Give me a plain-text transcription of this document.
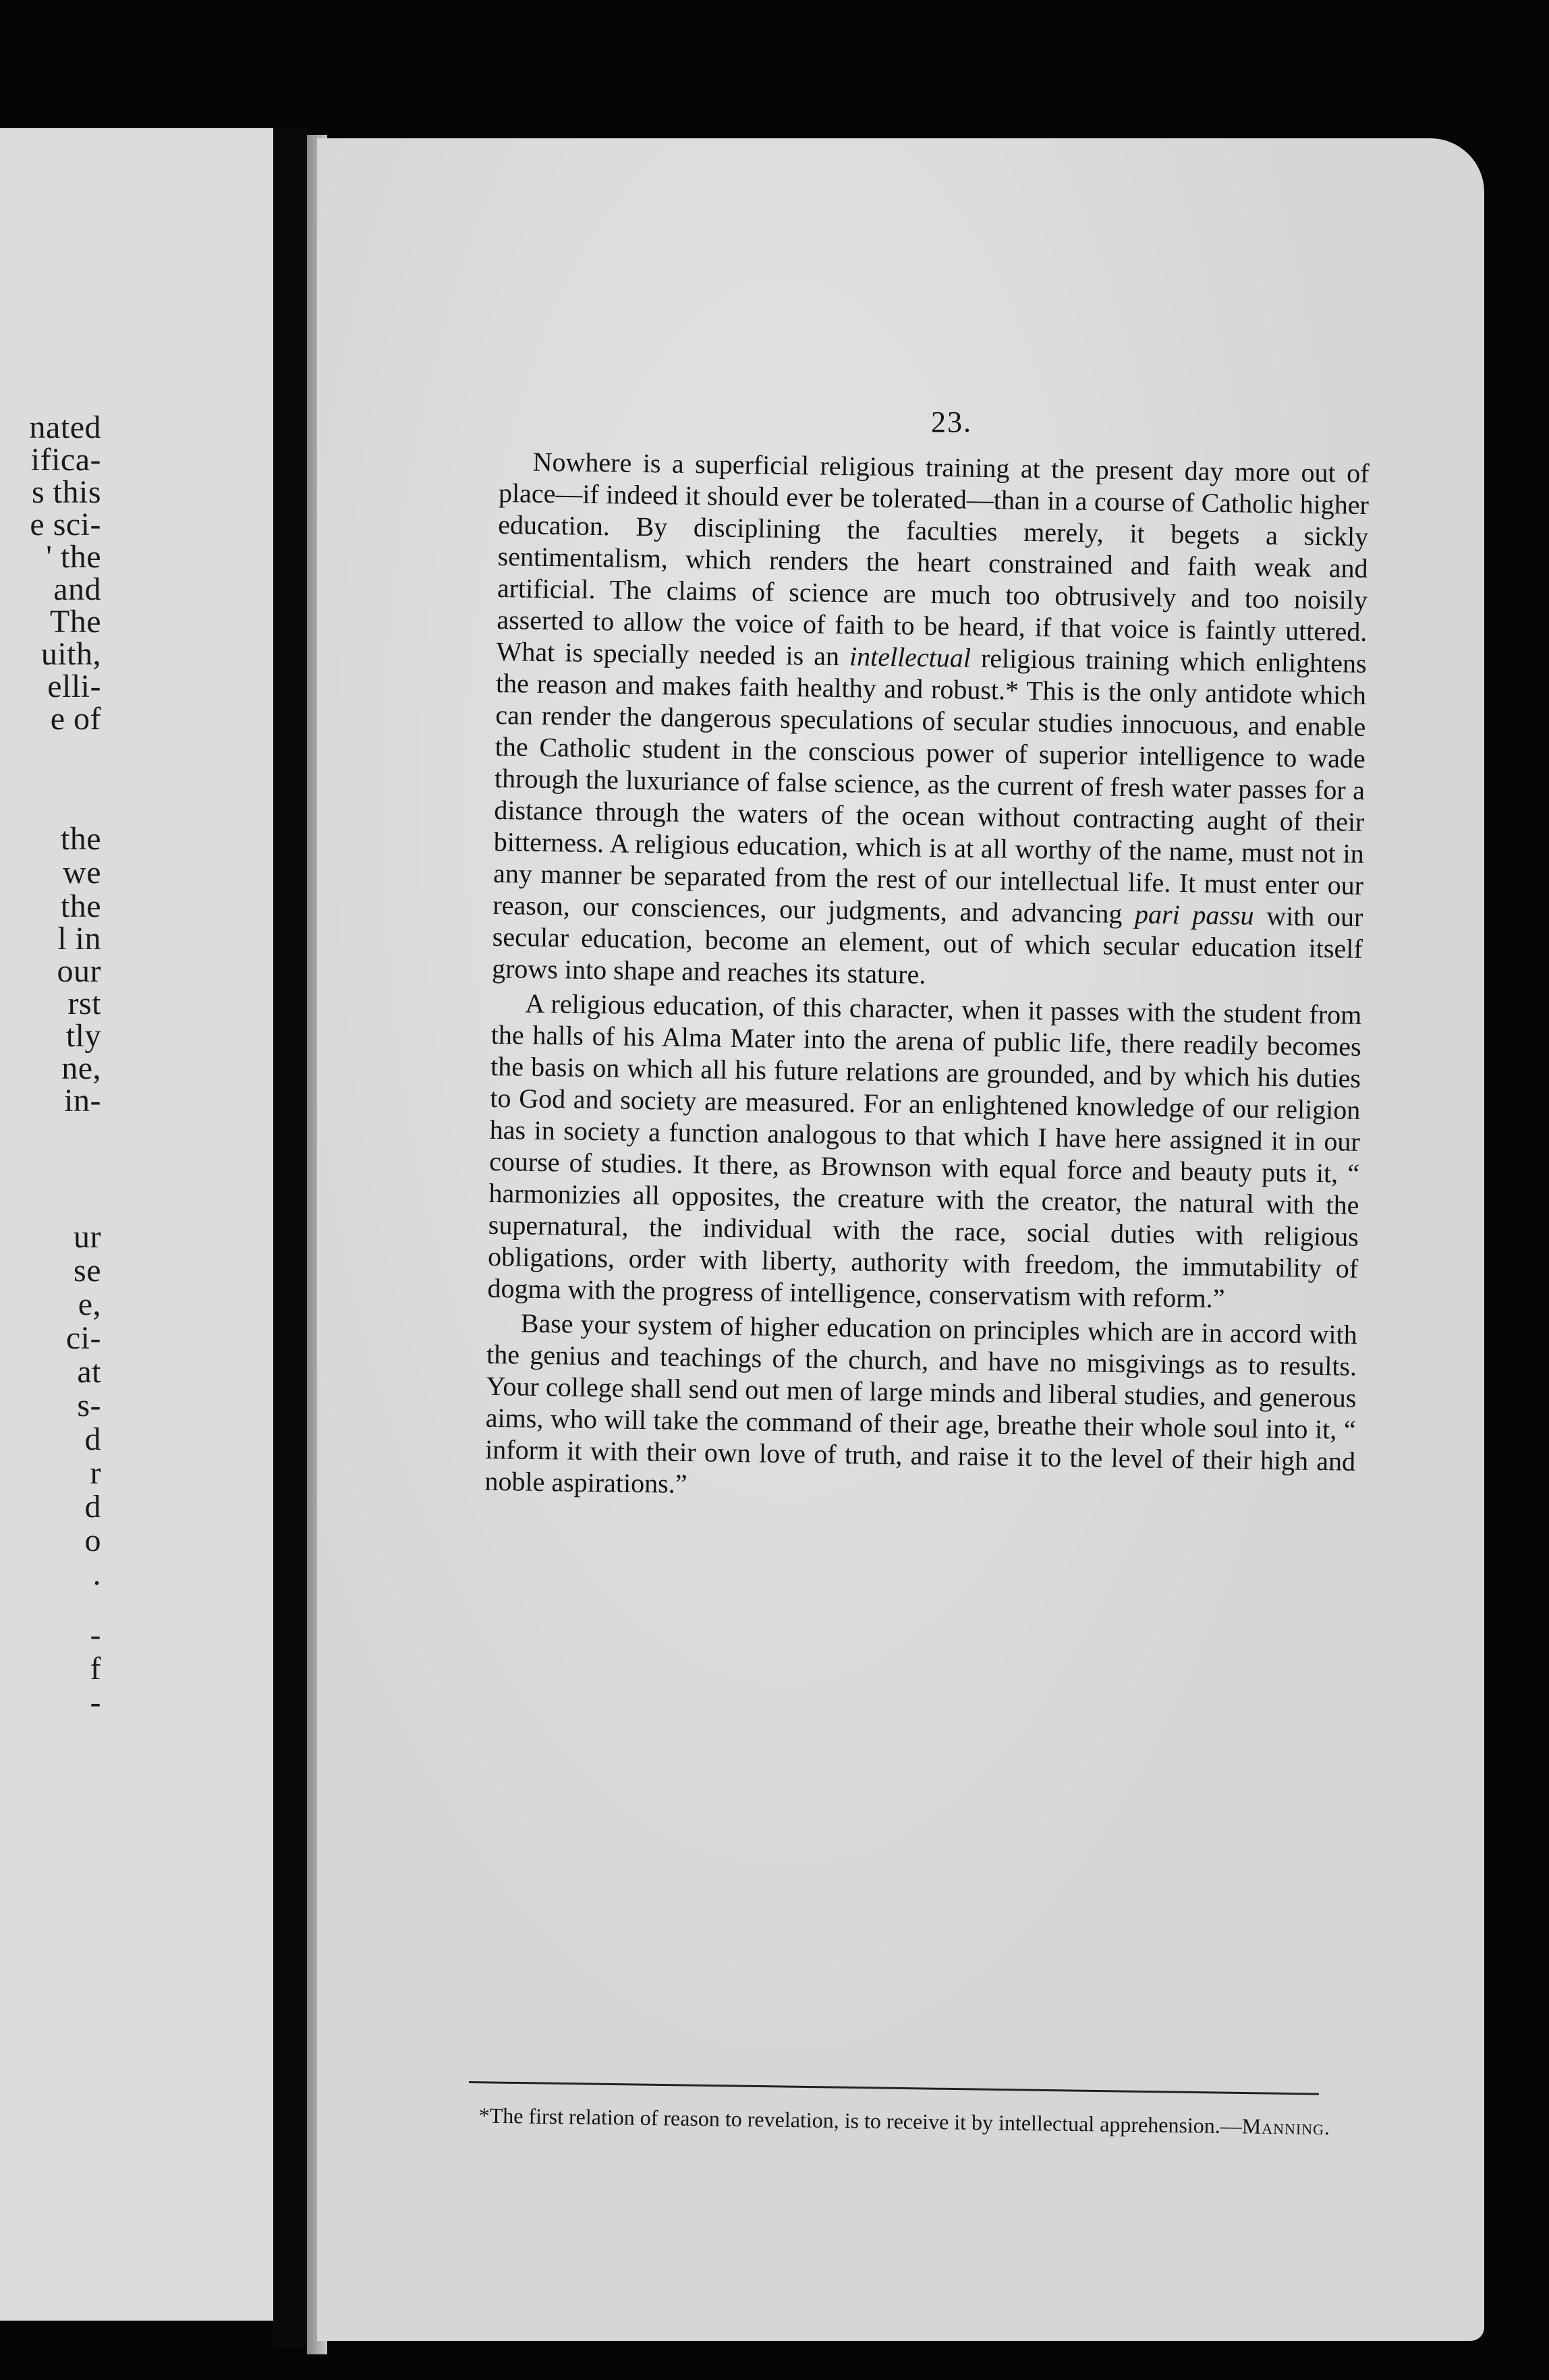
nated
ifica-
s this
e sci-
' the
and
The
uith,
elli-
e of
the
we
the
l in
our
rst
tly
ne,
in-
ur
se
e,
ci-
at
s-
d
r
d
o
.
-
f
-
23.

Nowhere is a superficial religious training at the present day more out of place—if indeed it should ever be tolerated—than in a course of Catholic higher education. By disciplining the faculties merely, it begets a sickly sentimentalism, which renders the heart constrained and faith weak and artificial. The claims of science are much too obtrusively and too noisily asserted to allow the voice of faith to be heard, if that voice is faintly uttered. What is specially needed is an intellectual religious training which enlightens the reason and makes faith healthy and robust.* This is the only antidote which can render the dangerous speculations of secular studies innocuous, and enable the Catholic student in the conscious power of superior intelligence to wade through the luxuriance of false science, as the current of fresh water passes for a distance through the waters of the ocean without contracting aught of their bitterness. A religious education, which is at all worthy of the name, must not in any manner be separated from the rest of our intellectual life. It must enter our reason, our consciences, our judgments, and advancing pari passu with our secular education, become an element, out of which secular education itself grows into shape and reaches its stature.

A religious education, of this character, when it passes with the student from the halls of his Alma Mater into the arena of public life, there readily becomes the basis on which all his future relations are grounded, and by which his duties to God and society are measured. For an enlightened knowledge of our religion has in society a function analogous to that which I have here assigned it in our course of studies. It there, as Brownson with equal force and beauty puts it, “ harmonizies all opposites, the creature with the creator, the natural with the supernatural, the individual with the race, social duties with religious obligations, order with liberty, authority with freedom, the immutability of dogma with the progress of intelligence, conservatism with reform.”

Base your system of higher education on principles which are in accord with the genius and teachings of the church, and have no misgivings as to results. Your college shall send out men of large minds and liberal studies, and generous aims, who will take the command of their age, breathe their whole soul into it, “ inform it with their own love of truth, and raise it to the level of their high and noble aspirations.”

*The first relation of reason to revelation, is to receive it by intellectual apprehension.—Manning.
